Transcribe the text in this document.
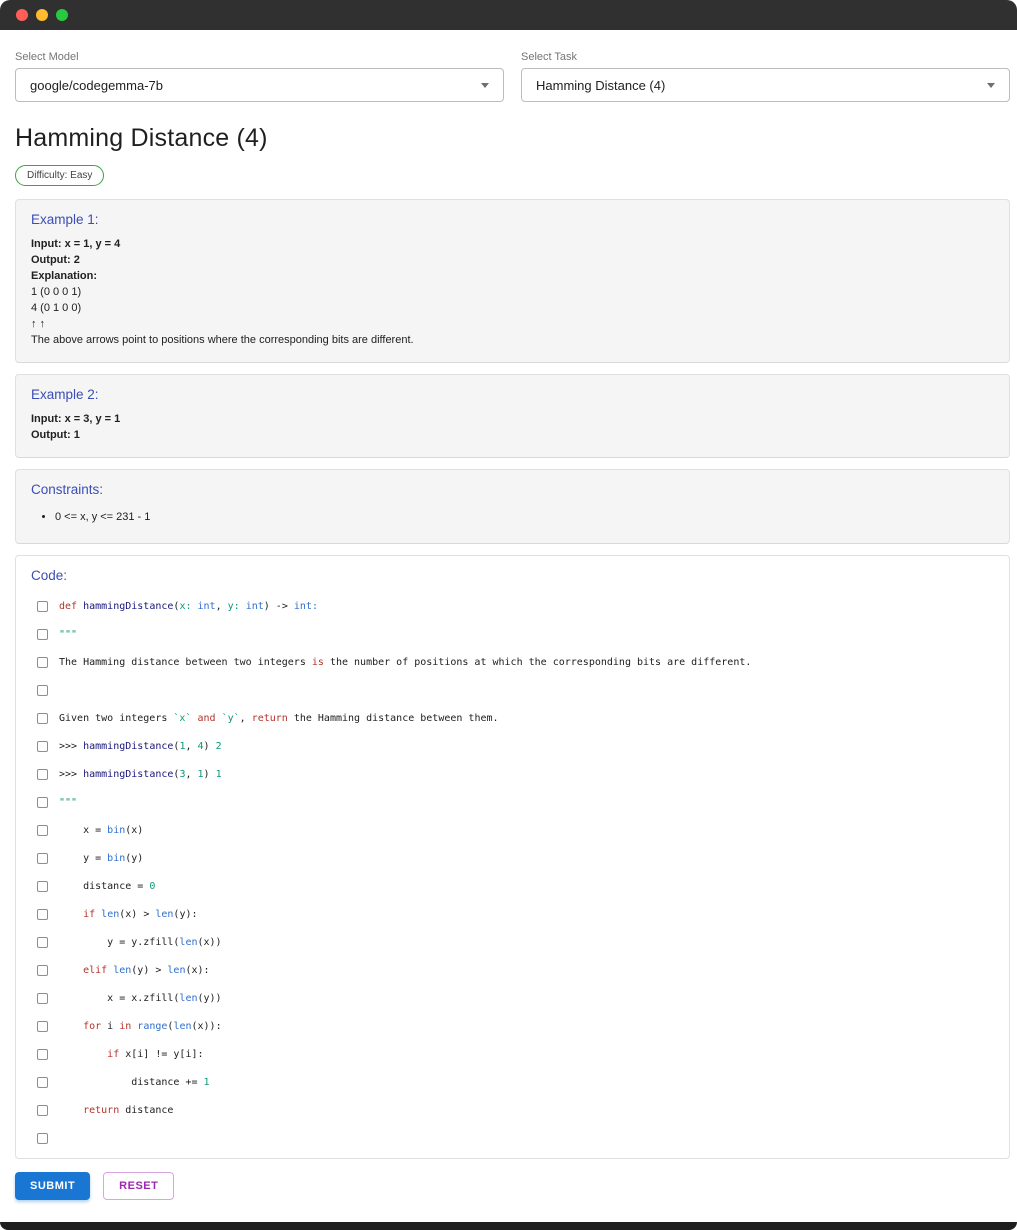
Select Model
google/codegemma-7b
Select Task
Hamming Distance (4)
Hamming Distance (4)
Difficulty: Easy
Example 1:
Input: x = 1, y = 4
Output: 2
Explanation:
1 (0 0 0 1)
4 (0 1 0 0)
↑ ↑
The above arrows point to positions where the corresponding bits are different.
Example 2:
Input: x = 3, y = 1
Output: 1
Constraints:
• 0 <= x, y <= 231 - 1
Code:
def hammingDistance(x: int, y: int) -> int:
"""
The Hamming distance between two integers is the number of positions at which the corresponding bits are different.
Given two integers `x` and `y`, return the Hamming distance between them.
>>> hammingDistance(1, 4) 2
>>> hammingDistance(3, 1) 1
"""
x = bin(x)
y = bin(y)
distance = 0
if len(x) > len(y):
y = y.zfill(len(x))
elif len(y) > len(x):
x = x.zfill(len(y))
for i in range(len(x)):
if x[i] != y[i]:
distance += 1
return distance
SUBMIT	RESET
